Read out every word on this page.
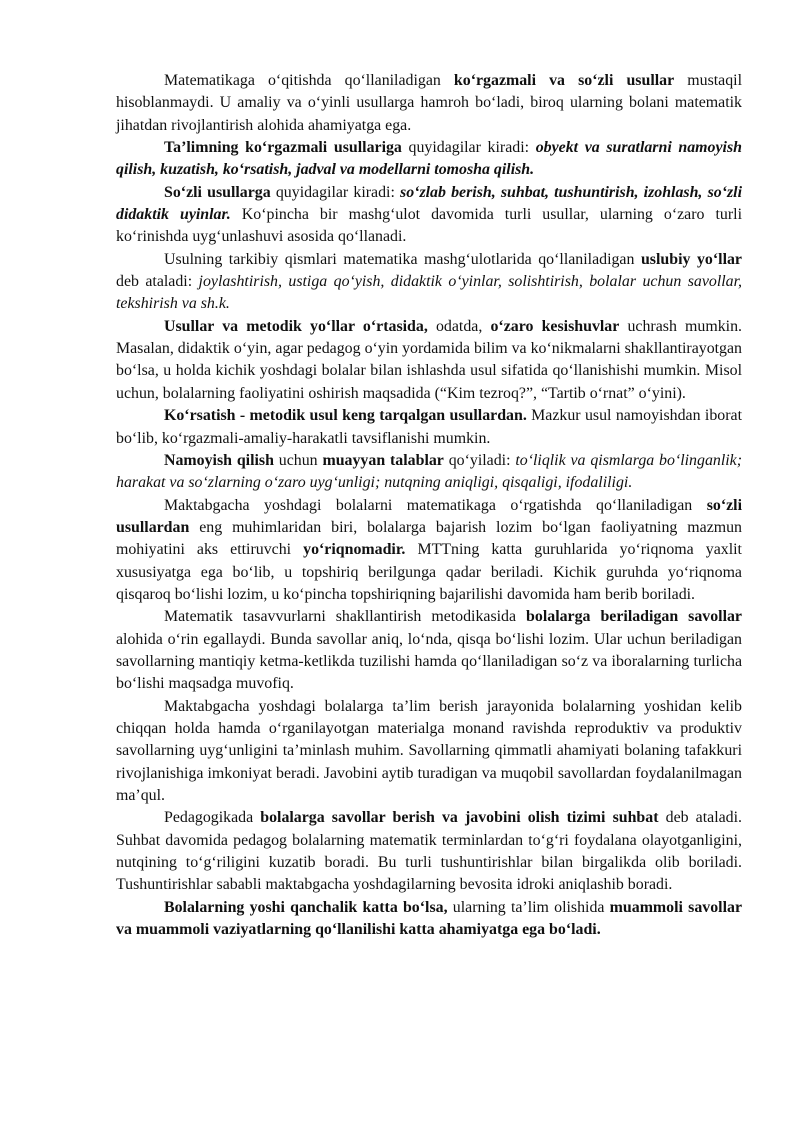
Matematikaga o‘qitishda qo‘llaniladigan ko‘rgazmali va so‘zli usullar mustaqil hisoblanmaydi. U amaliy va o‘yinli usullarga hamroh bo‘ladi, biroq ularning bolani matematik jihatdan rivojlantirish alohida ahamiyatga ega.

Ta’limning ko‘rgazmali usullariga quyidagilar kiradi: obyekt va suratlarni namoyish qilish, kuzatish, ko‘rsatish, jadval va modellarni tomosha qilish.

So‘zli usullarga quyidagilar kiradi: so‘zlab berish, suhbat, tushuntirish, izohlash, so‘zli didaktik uyinlar. Ko‘pincha bir mashg‘ulot davomida turli usullar, ularning o‘zaro turli ko‘rinishda uyg‘unlashuvi asosida qo‘llanadi.

Usulning tarkibiy qismlari matematika mashg‘ulotlarida qo‘llaniladigan uslubiy yo‘llar deb ataladi: joylashtirish, ustiga qo‘yish, didaktik o‘yinlar, solishtirish, bolalar uchun savollar, tekshirish va sh.k.

Usullar va metodik yo‘llar o‘rtasida, odatda, o‘zaro kesishuvlar uchrash mumkin. Masalan, didaktik o‘yin, agar pedagog o‘yin yordamida bilim va ko‘nikmalarni shakllantirayotgan bo‘lsa, u holda kichik yoshdagi bolalar bilan ishlashda usul sifatida qo‘llanishishi mumkin. Misol uchun, bolalarning faoliyatini oshirish maqsadida (“Kim tezroq?”, “Tartib o‘rnat” o‘yini).

Ko‘rsatish - metodik usul keng tarqalgan usullardan. Mazkur usul namoyishdan iborat bo‘lib, ko‘rgazmali-amaliy-harakatli tavsiflanishi mumkin.

Namoyish qilish uchun muayyan talablar qo‘yiladi: to‘liqlik va qismlarga bo‘linganlik; harakat va so‘zlarning o‘zaro uyg‘unligi; nutqning aniqligi, qisqaligi, ifodaliligi.

Maktabgacha yoshdagi bolalarni matematikaga o‘rgatishda qo‘llaniladigan so‘zli usullardan eng muhimlaridan biri, bolalarga bajarish lozim bo‘lgan faoliyatning mazmun mohiyatini aks ettiruvchi yo‘riqnomadir. MTTning katta guruhlarida yo‘riqnoma yaxlit xususiyatga ega bo‘lib, u topshiriq berilgunga qadar beriladi. Kichik guruhda yo‘riqnoma qisqaroq bo‘lishi lozim, u ko‘pincha topshiriqning bajarilishi davomida ham berib boriladi.

Matematik tasavvurlarni shakllantirish metodikasida bolalarga beriladigan savollar alohida o‘rin egallaydi. Bunda savollar aniq, lo‘nda, qisqa bo‘lishi lozim. Ular uchun beriladigan savollarning mantiqiy ketma-ketlikda tuzilishi hamda qo‘llaniladigan so‘z va iboralarning turlicha bo‘lishi maqsadga muvofiq.

Maktabgacha yoshdagi bolalarga ta’lim berish jarayonida bolalarning yoshidan kelib chiqqan holda hamda o‘rganilayotgan materialga monand ravishda reproduktiv va produktiv savollarning uyg‘unligini ta’minlash muhim. Savollarning qimmatli ahamiyati bolaning tafakkuri rivojlanishiga imkoniyat beradi. Javobini aytib turadigan va muqobil savollardan foydalanilmagan ma’qul.

Pedagogikada bolalarga savollar berish va javobini olish tizimi suhbat deb ataladi. Suhbat davomida pedagog bolalarning matematik terminlardan to‘g‘ri foydalana olayotganligini, nutqining to‘g‘riligini kuzatib boradi. Bu turli tushuntirishlar bilan birgalikda olib boriladi. Tushuntirishlar sababli maktabgacha yoshdagilarning bevosita idroki aniqlashib boradi.

Bolalarning yoshi qanchalik katta bo‘lsa, ularning ta’lim olishida muammoli savollar va muammoli vaziyatlarning qo‘llanilishi katta ahamiyatga ega bo‘ladi.
